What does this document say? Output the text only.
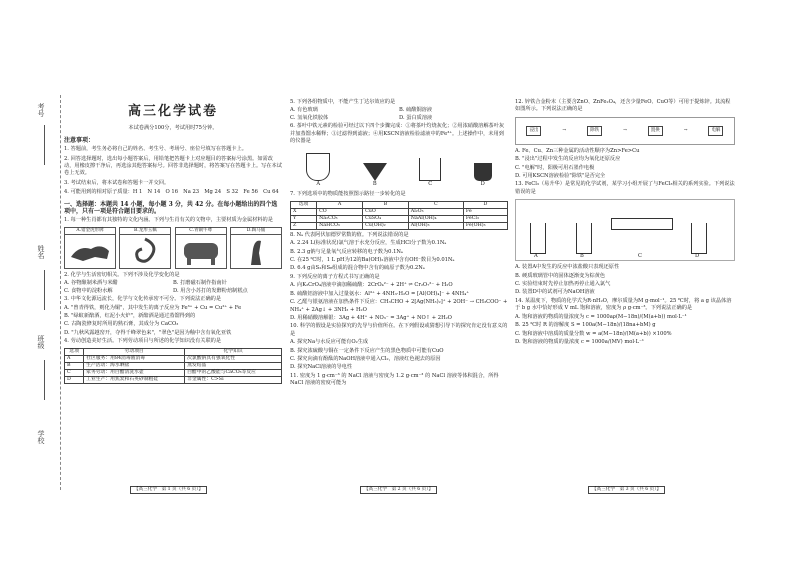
考号
姓名
班级
学校
高三化学试卷
本试卷满分100分，考试用时75分钟。
注意事项：
1. 答题前，考生务必将自己的姓名、考生号、考场号、座位号填写在答题卡上。
2. 回答选择题时，选出每小题答案后，用铅笔把答题卡上对应题目的答案标号涂黑。如需改动，用橡皮擦干净后，再选涂其他答案标号。回答非选择题时，将答案写在答题卡上。写在本试卷上无效。
3. 考试结束后，将本试卷和答题卡一并交回。
4. 可能用到的相对原子质量：H 1　N 14　O 16　Na 23　Mg 24　S 32　Fe 56　Cu 64
一、选择题：本题共 14 小题，每小题 3 分，共 42 分。在每小题给出的四个选项中，只有一项是符合题目要求的。
1. 每一种生肖都有其独特的文化内涵。下列与生肖有关的文物中，主要材质为金属材料的是
A.错金虎形牌	B.龙形玉佩	C.青铜牛尊	D.陶马俑
2. 化学与生活密切相关。下列不涉及化学变化的是
A. 谷物酿制米酒与米醋	B. 打磨磁石制作指南针
C. 食物中的淀粉水解	D. 用含小苏打的发酵粉焙制糕点
3. 中华文化源远流长，化学与文化传承密不可分。下列说法正确的是
A. "曾青得铁，则化为铜"，其中发生的离子反应为 Fe³⁺ + Cu = Cu²⁺ + Fe
B. "绿蚁新醅酒，红泥小火炉"，新醅酒是通过蒸馏得到的
C. 古陶瓷修复时所用的熟石膏，其成分为 CaCO₃
D. "九秋风露越窑开，夺得千峰翠色来"，"翠色"是因为釉中含有氧化亚铁
4. 劳动创造美好生活。下列劳动项目与所述的化学知识没有关联的是
选项	劳动项目	化学知识
A	社区服务：用84消毒液消毒	次氯酸钠具有强氧化性
B	生产活动：海水晒盐	蒸发结晶
C	家务劳动：用白醋清洗水壶	白醋中的乙酸能与CaCO₃等反应
D	工业生产：用焦炭和石英砂制粗硅	非金属性：C>Si
【高三化学　第 1 页（共 6 页）】
5. 下列各组物质中，不能产生丁达尔效应的是
A. 有色玻璃	B. 硫酸铜溶液
C. 氢氧化铁胶体	D. 蛋白质溶液
6. 茶叶中铁元素的检验可经过以下四个步骤完成：①将茶叶灼烧灰化；②用浓硝酸溶解茶叶灰并加蒸馏水稀释；③过滤得到滤液；④用KSCN溶液检验滤液中的Fe³⁺。上述操作中，未用到的仪器是
A	B	C	D
7. 下列选项中的物质能按照图示路径一步转化的是
选项	A	B	C	D
X	CO	CuO	Al₂O₃	Fe
Y	Na₂CO₃	CuSO₄	NaAl(OH)₄	FeCl₃
Z	NaHCO₃	Cu(OH)₂	Al(OH)₃	Fe(OH)₃
8. Nₐ 代表阿伏加德罗常数的值。下列说法错误的是
A. 2.24 L(标准状况)氯气溶于水充分反应，生成HCl分子数为0.1Nₐ
B. 2.3 g钠与足量氧气反应转移的电子数为0.1Nₐ
C. 在25 ℃时，1 L pH为12的Ba(OH)₂溶液中含有OH⁻数目为0.01Nₐ
D. 6.4 g由S₂和S₈组成的混合物中含有的硫原子数为0.2Nₐ
9. 下列反应的离子方程式书写正确的是
A. 向K₂CrO₄溶液中滴加稀硫酸：2CrO₄²⁻ + 2H⁺ ⇌ Cr₂O₇²⁻ + H₂O
B. 硫酸铝溶液中加入过量氨水：Al³⁺ + 4NH₃·H₂O = [Al(OH)₄]⁻ + 4NH₄⁺
C. 乙醛与银氨溶液在加热条件下反应：CH₃CHO + 2[Ag(NH₃)₂]⁺ + 2OH⁻ → CH₃COO⁻ + NH₄⁺ + 2Ag↓ + 3NH₃ + H₂O
D. 用稀硝酸溶解银：3Ag + 4H⁺ + NO₃⁻ = 3Ag⁺ + NO↑ + 2H₂O
10. 科学的假设是实验探究的先导与价值所在。在下列假设或猜想引导下的探究肯定没有意义的是
A. 探究Na与水反应可能有O₂生成
B. 探究浓硫酸与铜在一定条件下反应产生的黑色物质中可能有CuO
C. 探究向滴有酚酞的NaOH溶液中通入Cl₂，溶液红色褪去的原因
D. 探究NaCl溶液的导电性
11. 密度为 1 g·cm⁻³ 的 NaCl 溶液与密度为 1.2 g·cm⁻³ 的 NaCl 溶液等体积混合，所得 NaCl 溶液的密度可能为
【高三化学　第 2 页（共 6 页）】
12. 锌铁合金粉末（主要含ZnO、ZnFe₂O₄，还含少量FeO、CuO等）可用于提炼锌。其流程如图所示。下列说法正确的是
浸出	→	除铁	→	置换	→	电解
A. Fe、Cu、Zn三种金属的活动性顺序为Zn>Fe>Cu
B. "浸出"过程中发生的反应均为氧化还原反应
C. "电解"时，阳极可用石墨作电极
D. 可用KSCN溶液检验"除铁"是否完全
13. FeCl₃（易升华）是常见的化学试剂，某学习小组开展了与FeCl₃相关的系列实验。下列说法错误的是
A	B	C	D
A. 装置A中发生的反应中浓盐酸只表现还原性
B. 硬质玻璃管中的固体逐渐变为棕黄色
C. 实验结束时先停止加热再停止通入氯气
D. 装置D中的试剂可为NaOH溶液
14. 某温度下，物质的化学式为R·nH₂O，摩尔质量为M g·mol⁻¹。25 ℃时，将 a g 该晶体溶于 b g 水中恰好形成 V mL 饱和溶液，密度为 ρ g·cm⁻³。下列说法正确的是
A. 饱和溶液的物质的量浓度为 c = 1000aρ(M−18n)/(M(a+b)) mol·L⁻¹
B. 25 ℃时 R 的溶解度 S = 100a(M−18n)/(18na+bM) g
C. 饱和溶液中溶质的质量分数 w = a(M−18n)/(M(a+b)) ×100%
D. 饱和溶液的物质的量浓度 c = 1000a/(MV) mol·L⁻¹
【高三化学　第 3 页（共 6 页）】
